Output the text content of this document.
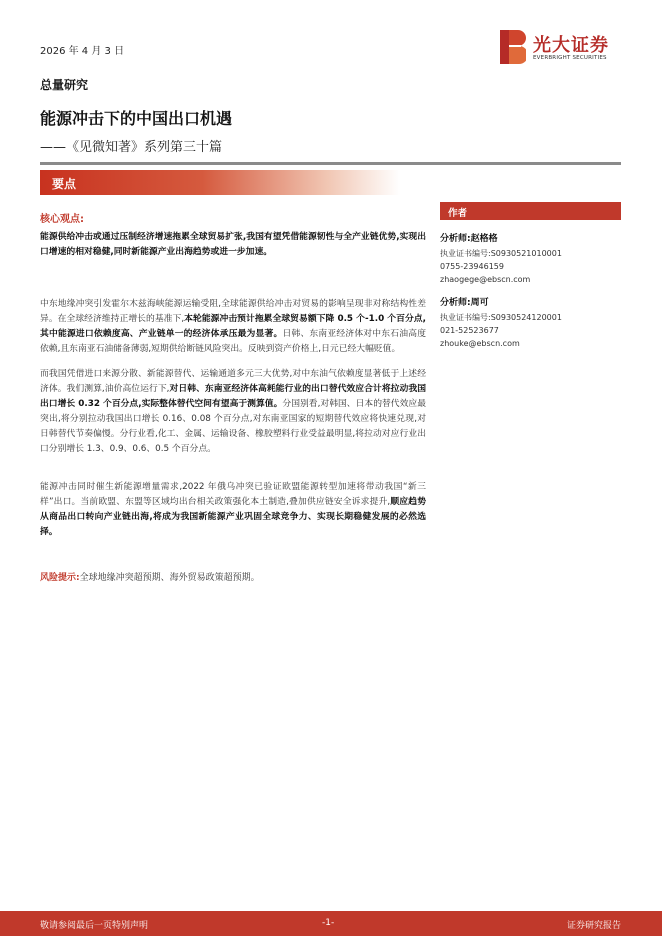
2026 年 4 月 3 日	光大证券
EVERBRIGHT SECURITIES
总量研究
能源冲击下的中国出口机遇
——《见微知著》系列第三十篇
要点
核心观点:
能源供给冲击或通过压制经济增速拖累全球贸易扩张,我国有望凭借能源韧性与全产业链优势,实现出口增速的相对稳健,同时新能源产业出海趋势或进一步加速。
中东地缘冲突引发霍尔木兹海峡能源运输受阻,全球能源供给冲击对贸易的影响呈现非对称结构性差异。在全球经济维持正增长的基准下,本轮能源冲击预计拖累全球贸易额下降 0.5 个-1.0 个百分点,其中能源进口依赖度高、产业链单一的经济体承压最为显著。日韩、东南亚经济体对中东石油高度依赖,且东南亚石油储备薄弱,短期供给断链风险突出。反映到资产价格上,日元已经大幅贬值。
而我国凭借进口来源分散、新能源替代、运输通道多元三大优势,对中东油气依赖度显著低于上述经济体。我们测算,油价高位运行下,对日韩、东南亚经济体高耗能行业的出口替代效应合计将拉动我国出口增长 0.32 个百分点,实际整体替代空间有望高于测算值。分国别看,对韩国、日本的替代效应最突出,将分别拉动我国出口增长 0.16、0.08 个百分点,对东南亚国家的短期替代效应将快速兑现,对日韩替代节奏偏慢。分行业看,化工、金属、运输设备、橡胶塑料行业受益最明显,将拉动对应行业出口分别增长 1.3、0.9、0.6、0.5 个百分点。
能源冲击同时催生新能源增量需求,2022 年俄乌冲突已验证欧盟能源转型加速将带动我国“新三样”出口。当前欧盟、东盟等区域均出台相关政策强化本土制造,叠加供应链安全诉求提升,顺应趋势从商品出口转向产业链出海,将成为我国新能源产业巩固全球竞争力、实现长期稳健发展的必然选择。
风险提示:全球地缘冲突超预期、海外贸易政策超预期。
作者
分析师:赵格格
执业证书编号:S0930521010001
0755-23946159
zhaogege@ebscn.com
分析师:周可
执业证书编号:S0930524120001
021-52523677
zhouke@ebscn.com
敬请参阅最后一页特别声明	-1-	证券研究报告
